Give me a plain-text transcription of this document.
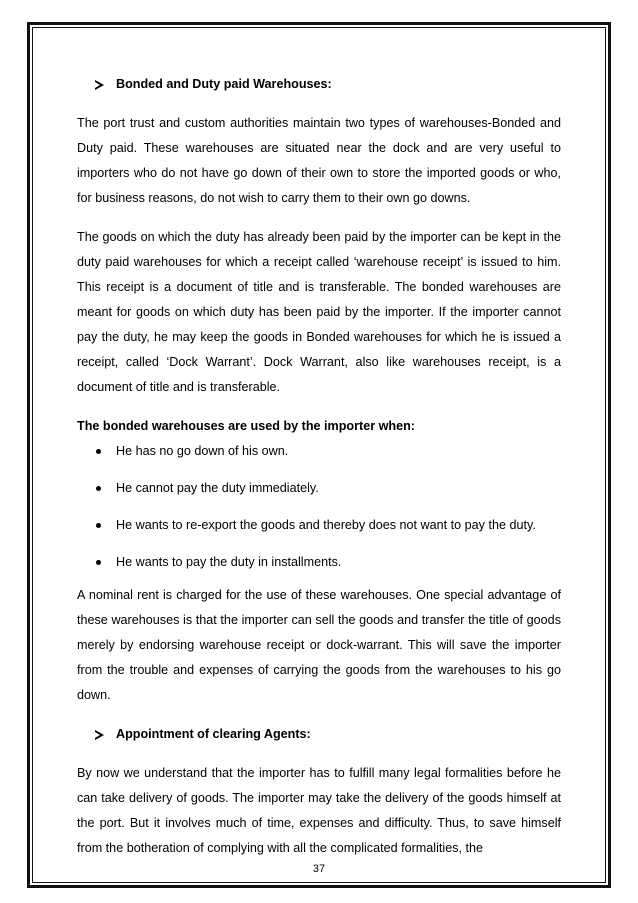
Bonded and Duty paid Warehouses:

The port trust and custom authorities maintain two types of warehouses-Bonded and Duty paid. These warehouses are situated near the dock and are very useful to importers who do not have go down of their own to store the imported goods or who, for business reasons, do not wish to carry them to their own go downs.

The goods on which the duty has already been paid by the importer can be kept in the duty paid warehouses for which a receipt called ‘warehouse receipt’ is issued to him. This receipt is a document of title and is transferable. The bonded warehouses are meant for goods on which duty has been paid by the importer. If the importer cannot pay the duty, he may keep the goods in Bonded warehouses for which he is issued a receipt, called ‘Dock Warrant’. Dock Warrant, also like warehouses receipt, is a document of title and is transferable.

The bonded warehouses are used by the importer when:
He has no go down of his own.
He cannot pay the duty immediately.
He wants to re-export the goods and thereby does not want to pay the duty.
He wants to pay the duty in installments.

A nominal rent is charged for the use of these warehouses. One special advantage of these warehouses is that the importer can sell the goods and transfer the title of goods merely by endorsing warehouse receipt or dock-warrant. This will save the importer from the trouble and expenses of carrying the goods from the warehouses to his go down.

Appointment of clearing Agents:

By now we understand that the importer has to fulfill many legal formalities before he can take delivery of goods. The importer may take the delivery of the goods himself at the port. But it involves much of time, expenses and difficulty. Thus, to save himself from the botheration of complying with all the complicated formalities, the

37
